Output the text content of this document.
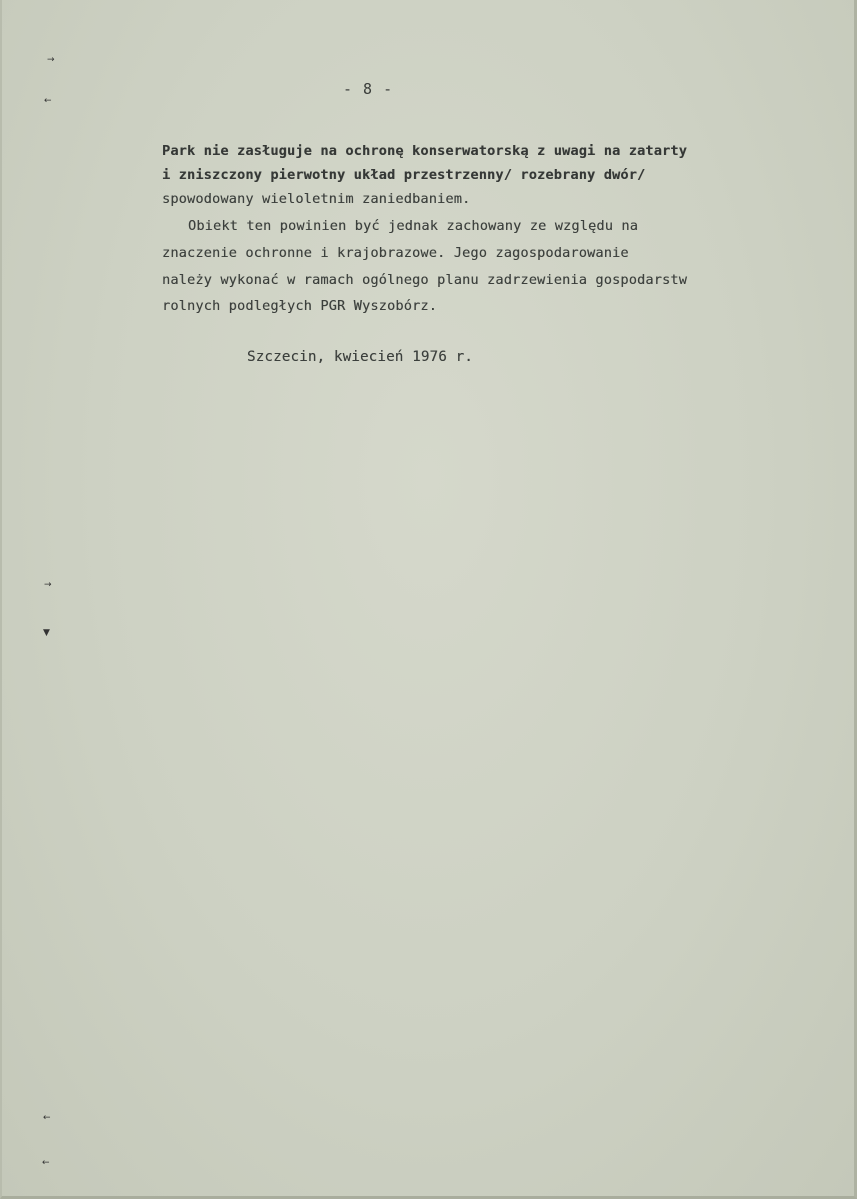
- 8 -
Park nie zasługuje na ochronę konserwatorską z uwagi na zatarty
i zniszczony pierwotny układ przestrzenny/ rozebrany dwór/
spowodowany wieloletnim zaniedbaniem.
Obiekt ten powinien być jednak zachowany ze względu na
znaczenie ochronne i krajobrazowe. Jego zagospodarowanie
należy wykonać w ramach ogólnego planu zadrzewienia gospodarstw
rolnych podległych PGR Wyszobórz.
Szczecin, kwiecień 1976 r.
→
←
→
▼
←
←
